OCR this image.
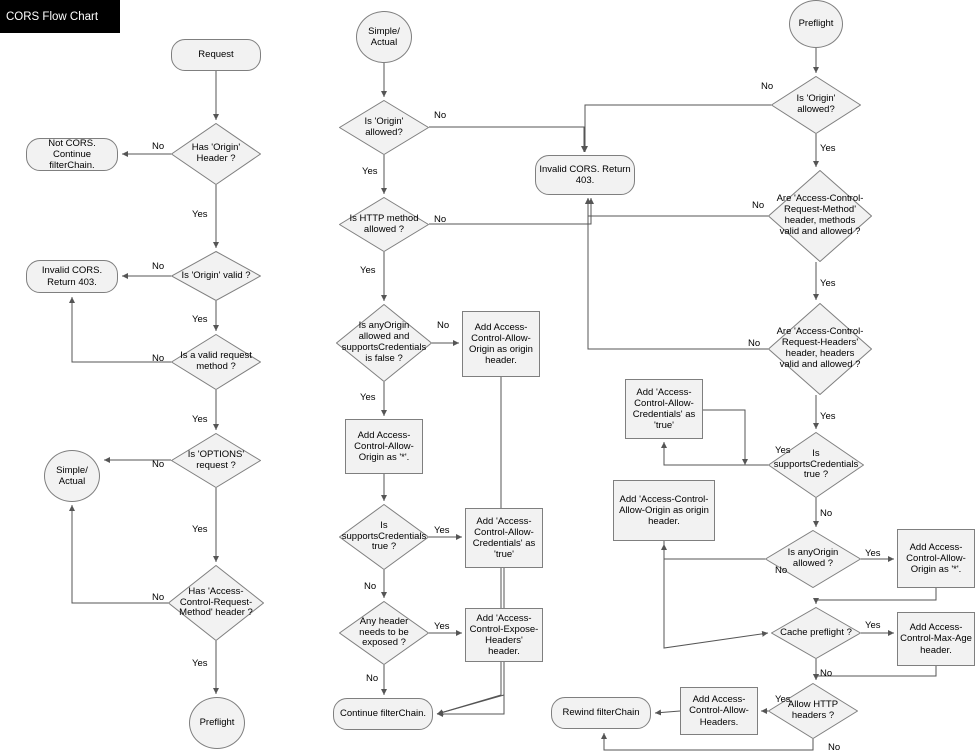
Request
Has 'Origin' Header ?
Not CORS. Continue filterChain.
Is 'Origin' valid ?
Invalid CORS. Return 403.
Is a valid request method ?
Is 'OPTIONS' request ?
Simple/ Actual
Has 'Access-Control-Request-Method' header ?
Preflight
Simple/ Actual
Is 'Origin' allowed?
Invalid CORS. Return 403.
Is HTTP method allowed ?
Is anyOrigin allowed and supportsCredentials is false ?
Add Access-Control-Allow-Origin as origin header.
Add Access-Control-Allow-Origin as '*'.
Is supportsCredentials true ?
Add 'Access-Control-Allow-Credentials' as 'true'
Any header needs to be exposed ?
Add 'Access-Control-Expose-Headers' header.
Continue filterChain.
Preflight
Is 'Origin' allowed?
Are 'Access-Control-Request-Method' header, methods valid and allowed ?
Are 'Access-Control-Request-Headers' header, headers valid and allowed ?
Is supportsCredentials true ?
Add 'Access-Control-Allow-Credentials' as 'true'
Add 'Access-Control-Allow-Origin as origin header.
Is anyOrigin allowed ?
Add Access-Control-Allow-Origin as '*'.
Cache preflight ?	Add Access-Control-Max-Age header.
Allow HTTP headers ?
Add Access-Control-Allow-Headers.
Rewind filterChain
No
Yes
No
Yes
No
Yes
No
Yes
No
Yes
No
Yes
No
Yes
No
Yes
Yes
No
Yes
No
No
Yes
No
Yes
No
Yes
Yes
No
No
Yes
Yes
No
Yes
No
CORS Flow Chart
